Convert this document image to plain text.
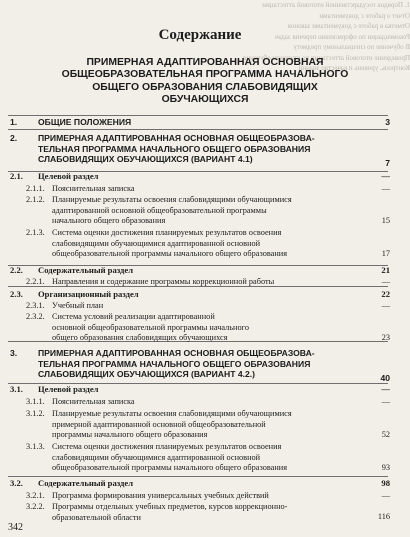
1. Порядок государственной итоговой аттестации
Отчет о работе с документами
Отметка в работе с документами законов
Рекомендации по оформлению перечня задач
В обучение по специальному предмету
Проведение итоговой аттестации по ступеням обучения
Контроль, уровень и качество знаний
Содержание
ПРИМЕРНАЯ АДАПТИРОВАННАЯ ОСНОВНАЯ ОБЩЕОБРАЗОВАТЕЛЬНАЯ ПРОГРАММА НАЧАЛЬНОГО ОБЩЕГО ОБРАЗОВАНИЯ СЛАБОВИДЯЩИХ ОБУЧАЮЩИХСЯ
1. ОБЩИЕ ПОЛОЖЕНИЯ	3
2. ПРИМЕРНАЯ АДАПТИРОВАННАЯ ОСНОВНАЯ ОБЩЕОБРАЗОВА-
ТЕЛЬНАЯ ПРОГРАММА НАЧАЛЬНОГО ОБЩЕГО ОБРАЗОВАНИЯ
СЛАБОВИДЯЩИХ ОБУЧАЮЩИХСЯ (ВАРИАНТ 4.1)	7
2.1. Целевой раздел	—
2.1.1. Пояснительная записка	—
2.1.2. Планируемые результаты освоения слабовидящими обучающимися
адаптированной основной общеобразовательной программы
начального общего образования	15
2.1.3. Система оценки достижения планируемых результатов освоения
слабовидящими обучающимися адаптированной основной
общеобразовательной программы начального общего образования	17
2.2. Содержательный раздел	21
2.2.1. Направления и содержание программы коррекционной работы	—
2.3. Организационный раздел	22
2.3.1. Учебный план	—
2.3.2. Система условий реализации адаптированной
основной общеобразовательной программы начального
общего образования слабовидящих обучающихся	23
3. ПРИМЕРНАЯ АДАПТИРОВАННАЯ ОСНОВНАЯ ОБЩЕОБРАЗОВА-
ТЕЛЬНАЯ ПРОГРАММА НАЧАЛЬНОГО ОБЩЕГО ОБРАЗОВАНИЯ
СЛАБОВИДЯЩИХ ОБУЧАЮЩИХСЯ (ВАРИАНТ 4.2.)	40
3.1. Целевой раздел	—
3.1.1. Пояснительная записка	—
3.1.2. Планируемые результаты освоения слабовидящими обучающимися
примерной адаптированной основной общеобразовательной
программы начального общего образования	52
3.1.3. Система оценки достижения планируемых результатов освоения
слабовидящими обучающимися адаптированной основной
общеобразовательной программы начального общего образования	93
3.2. Содержательный раздел	98
3.2.1. Программа формирования универсальных учебных действий	—
3.2.2. Программы отдельных учебных предметов, курсов коррекционно-
образовательной области	116
342
